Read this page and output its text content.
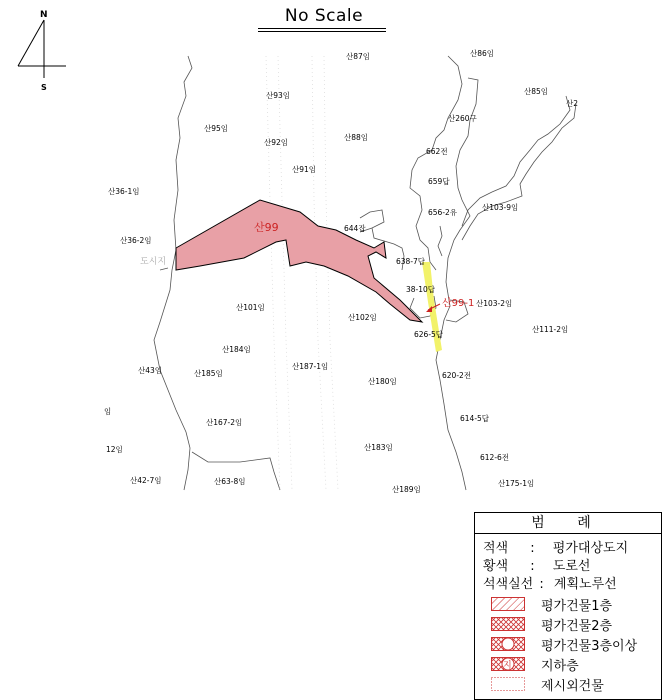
N
S
산99
산99-1
도시지
산87임	산86임
산93임	산85임
산95임
산92임
산88임
산260구
산2
산91임
662전
659답
산36-1임
656-2유
산103-9임
644잡
산36-2임
638-7답
38-10답
산103-2임
산101임
산102임
626-5답
산111-2임
산184임
산187-1임
산43임	산185임
산180임
620-2전
임
614-5답
산167-2임
12임	산183임
612-6전
산42-7임	산63-8임
산189임
산175-1임
No Scale
범 례
적색 : 평가대상도지
황색 : 도로선
석색실선 : 계획노루선
평가건물1층
평가건물2층
평가건물3층이상
지 지하층
제시외건물
